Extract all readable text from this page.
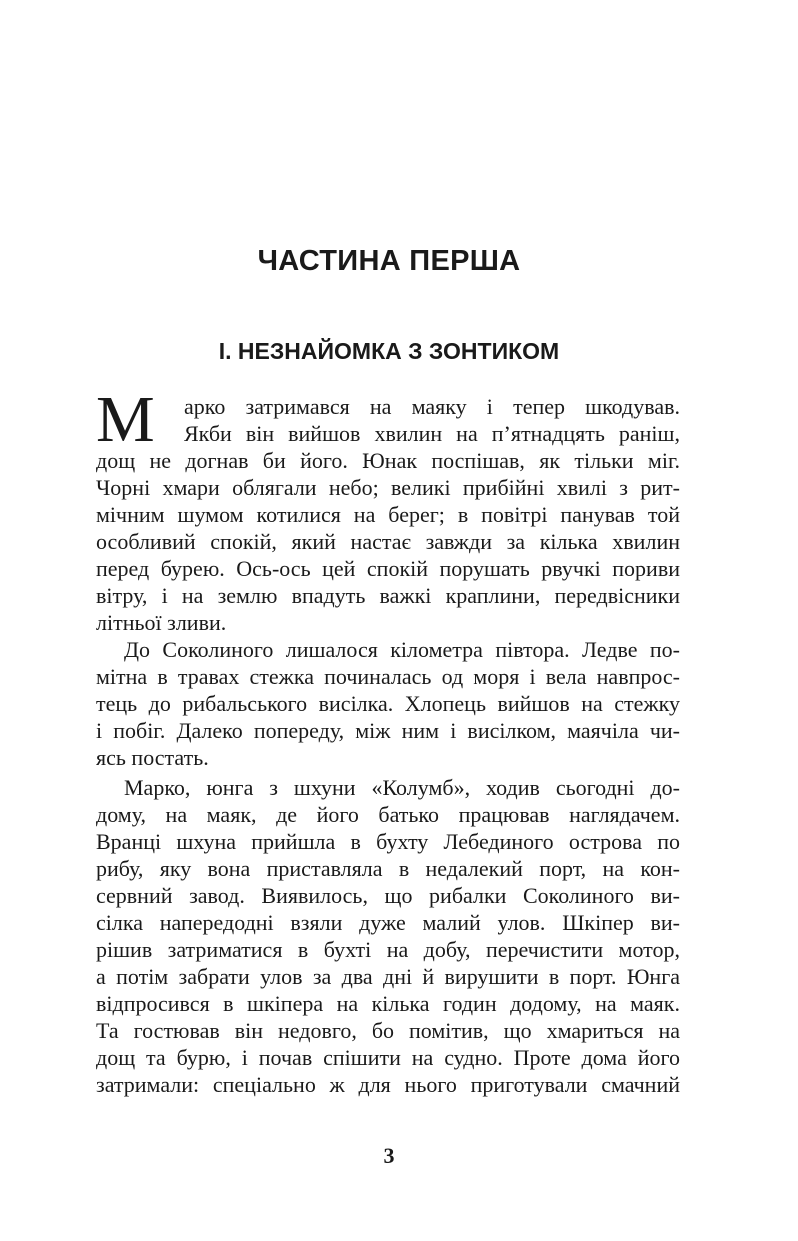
ЧАСТИНА ПЕРША
І. НЕЗНАЙОМКА З ЗОНТИКОМ
М арко затримався на маяку і тепер шкодував.
Якби він вийшов хвилин на п’ятнадцять раніш,
дощ не догнав би його. Юнак поспішав, як тільки міг.
Чорні хмари облягали небо; великі прибійні хвилі з рит-
мічним шумом котилися на берег; в повітрі панував той
особливий спокій, який настає завжди за кілька хвилин
перед бурею. Ось-ось цей спокій порушать рвучкі пориви
вітру, і на землю впадуть важкі краплини, передвісники
літньої зливи.
До Соколиного лишалося кілометра півтора. Ледве по-
мітна в травах стежка починалась од моря і вела навпрос-
тець до рибальського висілка. Хлопець вийшов на стежку
і побіг. Далеко попереду, між ним і висілком, маячіла чи-
ясь постать.
Марко, юнга з шхуни «Колумб», ходив сьогодні до-
дому, на маяк, де його батько працював наглядачем.
Вранці шхуна прийшла в бухту Лебединого острова по
рибу, яку вона приставляла в недалекий порт, на кон-
сервний завод. Виявилось, що рибалки Соколиного ви-
сілка напередодні взяли дуже малий улов. Шкіпер ви-
рішив затриматися в бухті на добу, перечистити мотор,
а потім забрати улов за два дні й вирушити в порт. Юнга
відпросився в шкіпера на кілька годин додому, на маяк.
Та гостював він недовго, бо помітив, що хмариться на
дощ та бурю, і почав спішити на судно. Проте дома його
затримали: спеціально ж для нього приготували смачний
3
